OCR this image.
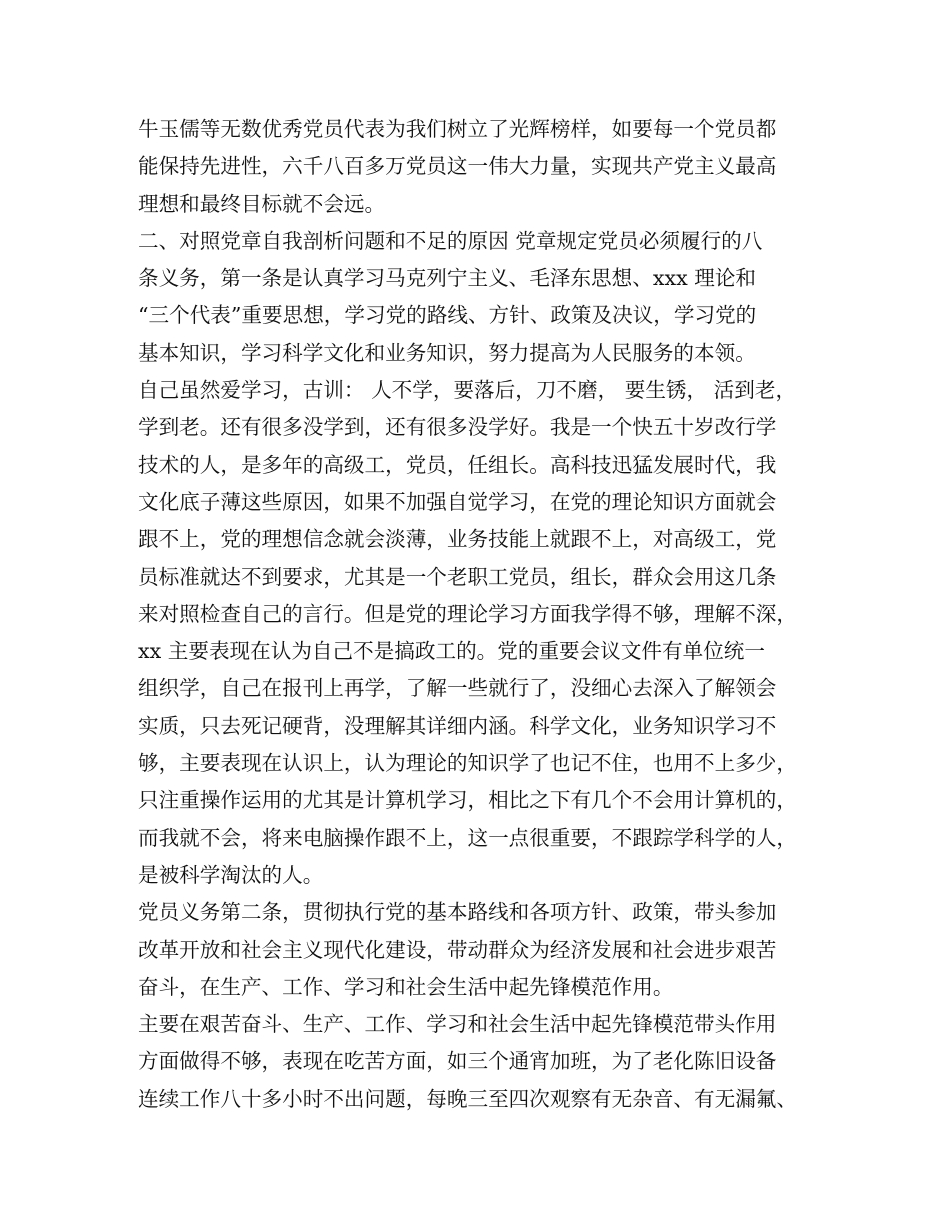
牛玉儒等无数优秀党员代表为我们树立了光辉榜样，如要每一个党员都
能保持先进性，六千八百多万党员这一伟大力量，实现共产党主义最高
理想和最终目标就不会远。
二、对照党章自我剖析问题和不足的原因 党章规定党员必须履行的八
条义务，第一条是认真学习马克列宁主义、毛泽东思想、xxx 理论和
“三个代表”重要思想，学习党的路线、方针、政策及决议，学习党的
基本知识，学习科学文化和业务知识，努力提高为人民服务的本领。
自己虽然爱学习，古训： 人不学，要落后，刀不磨， 要生锈， 活到老，
学到老。还有很多没学到，还有很多没学好。我是一个快五十岁改行学
技术的人，是多年的高级工，党员，任组长。高科技迅猛发展时代，我
文化底子薄这些原因，如果不加强自觉学习，在党的理论知识方面就会
跟不上，党的理想信念就会淡薄，业务技能上就跟不上，对高级工，党
员标准就达不到要求，尤其是一个老职工党员，组长，群众会用这几条
来对照检查自己的言行。但是党的理论学习方面我学得不够，理解不深，
xx 主要表现在认为自己不是搞政工的。党的重要会议文件有单位统一
组织学，自己在报刊上再学，了解一些就行了，没细心去深入了解领会
实质，只去死记硬背，没理解其详细内涵。科学文化，业务知识学习不
够，主要表现在认识上，认为理论的知识学了也记不住，也用不上多少，
只注重操作运用的尤其是计算机学习，相比之下有几个不会用计算机的，
而我就不会，将来电脑操作跟不上，这一点很重要，不跟踪学科学的人，
是被科学淘汰的人。
党员义务第二条，贯彻执行党的基本路线和各项方针、政策，带头参加
改革开放和社会主义现代化建设，带动群众为经济发展和社会进步艰苦
奋斗，在生产、工作、学习和社会生活中起先锋模范作用。
主要在艰苦奋斗、生产、工作、学习和社会生活中起先锋模范带头作用
方面做得不够，表现在吃苦方面，如三个通宵加班，为了老化陈旧设备
连续工作八十多小时不出问题，每晚三至四次观察有无杂音、有无漏氟、
